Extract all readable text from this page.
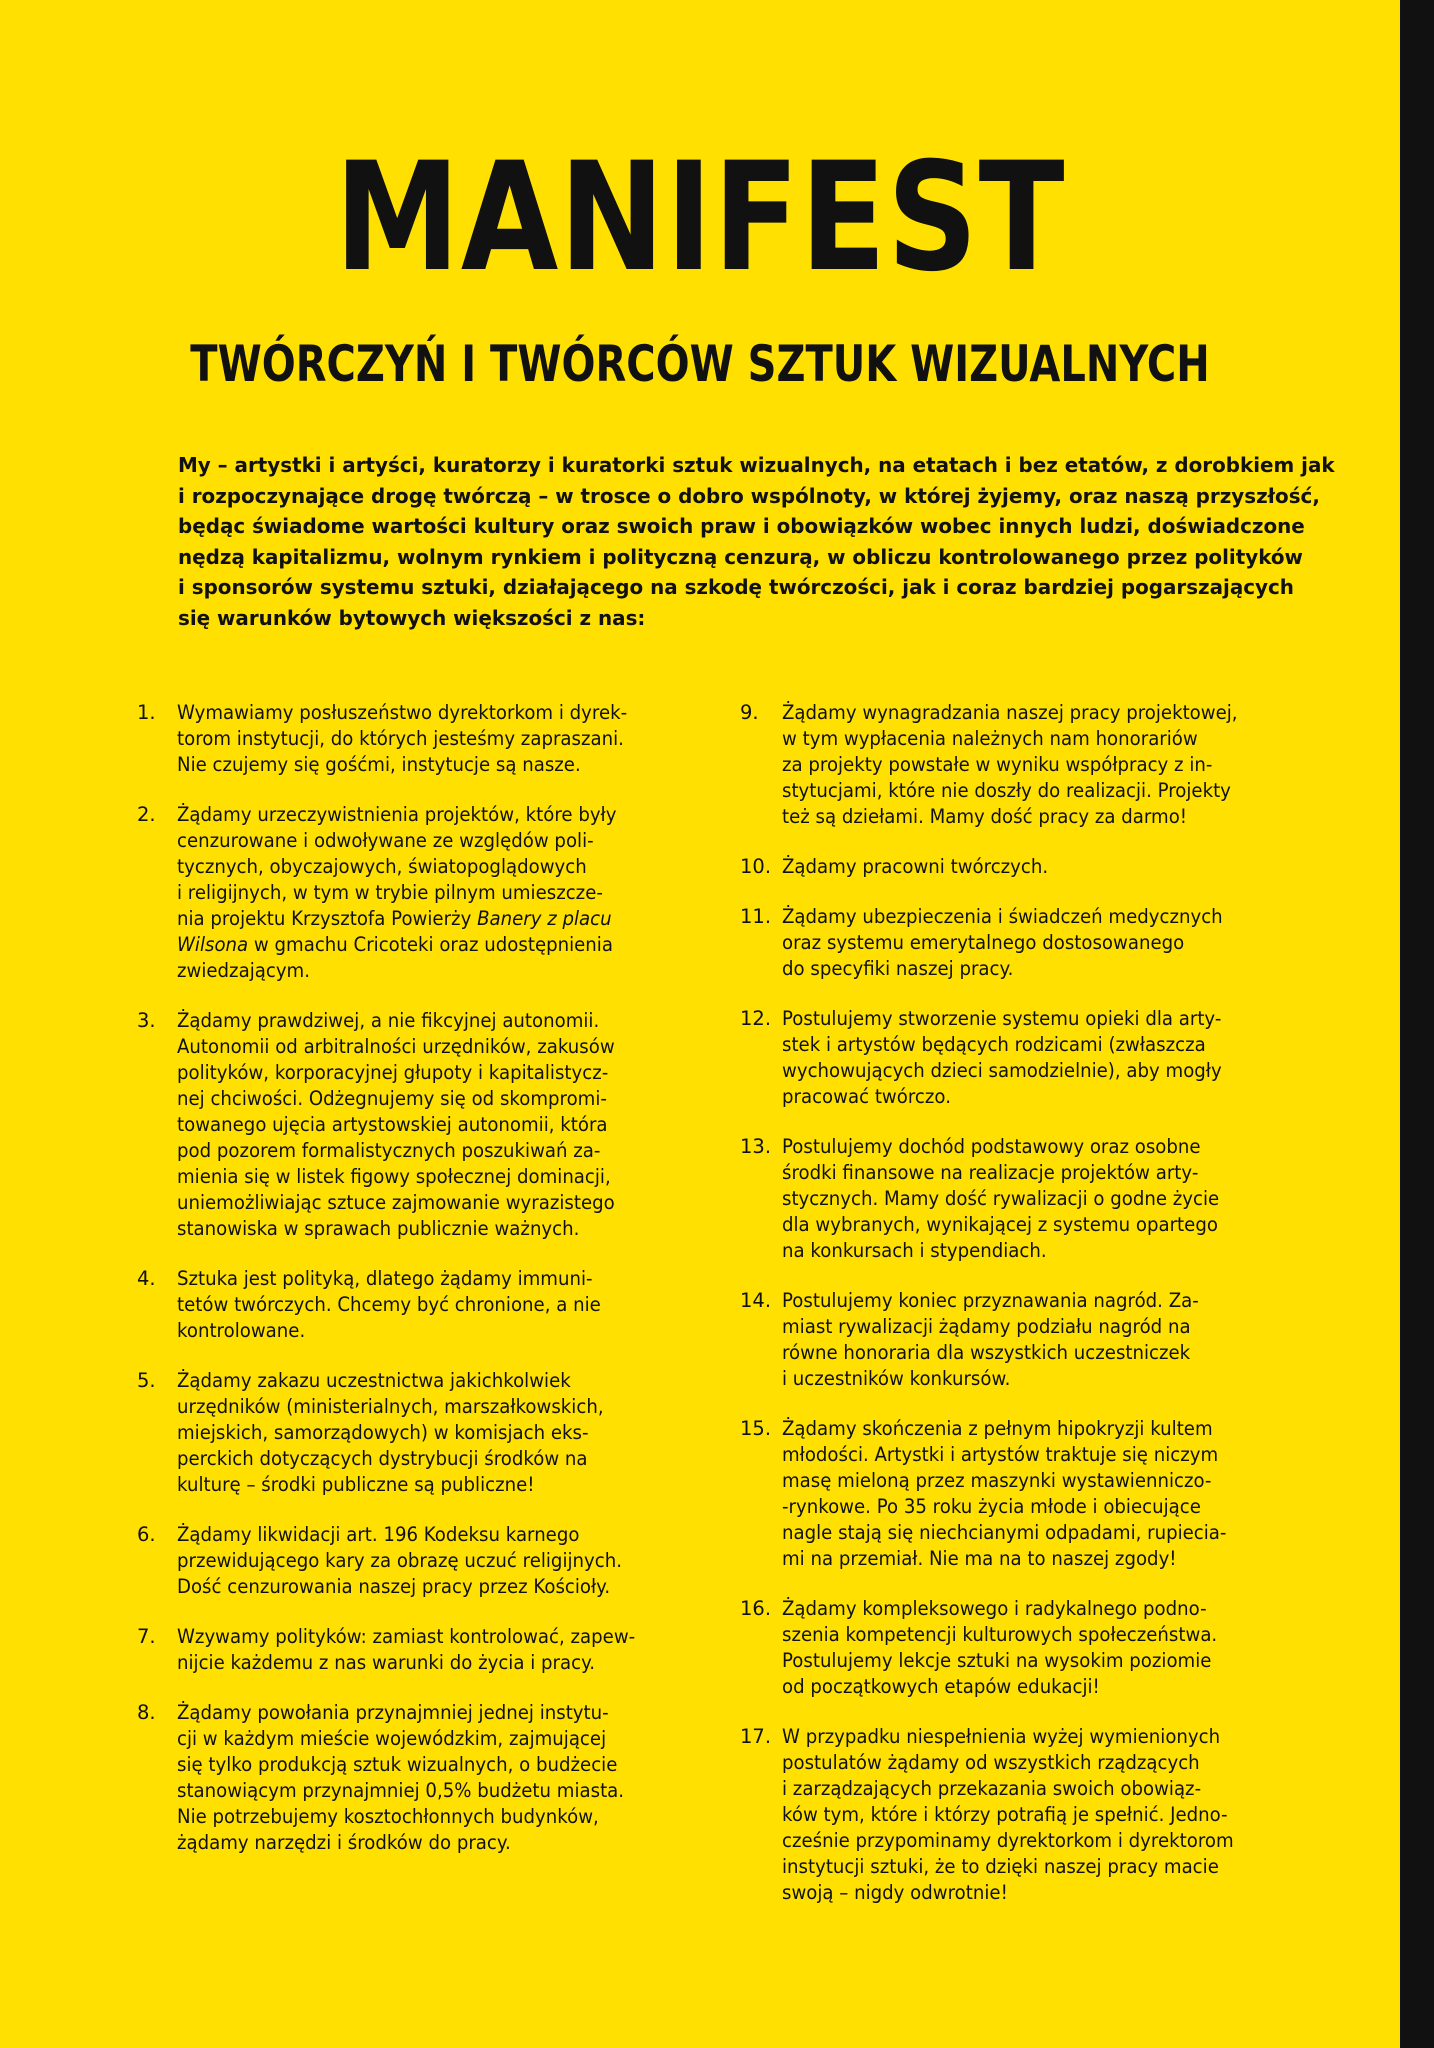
MANIFEST
TWÓRCZYŃ I TWÓRCÓW SZTUK WIZUALNYCH
My – artystki i artyści, kuratorzy i kuratorki sztuk wizualnych, na etatach i bez etatów, z dorobkiem jak
i rozpoczynające drogę twórczą – w trosce o dobro wspólnoty, w której żyjemy, oraz naszą przyszłość,
będąc świadome wartości kultury oraz swoich praw i obowiązków wobec innych ludzi, doświadczone
nędzą kapitalizmu, wolnym rynkiem i polityczną cenzurą, w obliczu kontrolowanego przez polityków
i sponsorów systemu sztuki, działającego na szkodę twórczości, jak i coraz bardziej pogarszających
się warunków bytowych większości z nas:
1. Wymawiamy posłuszeństwo dyrektorkom i dyrek-
torom instytucji, do których jesteśmy zapraszani.
Nie czujemy się gośćmi, instytucje są nasze.
2. Żądamy urzeczywistnienia projektów, które były
cenzurowane i odwoływane ze względów poli-
tycznych, obyczajowych, światopoglądowych
i religijnych, w tym w trybie pilnym umieszcze-
nia projektu Krzysztofa Powierży Banery z placu
Wilsona w gmachu Cricoteki oraz udostępnienia
zwiedzającym.
3. Żądamy prawdziwej, a nie fikcyjnej autonomii.
Autonomii od arbitralności urzędników, zakusów
polityków, korporacyjnej głupoty i kapitalistycz-
nej chciwości. Odżegnujemy się od skompromi-
towanego ujęcia artystowskiej autonomii, która
pod pozorem formalistycznych poszukiwań za-
mienia się w listek figowy społecznej dominacji,
uniemożliwiając sztuce zajmowanie wyrazistego
stanowiska w sprawach publicznie ważnych.
4. Sztuka jest polityką, dlatego żądamy immuni-
tetów twórczych. Chcemy być chronione, a nie
kontrolowane.
5. Żądamy zakazu uczestnictwa jakichkolwiek
urzędników (ministerialnych, marszałkowskich,
miejskich, samorządowych) w komisjach eks-
perckich dotyczących dystrybucji środków na
kulturę – środki publiczne są publiczne!
6. Żądamy likwidacji art. 196 Kodeksu karnego
przewidującego kary za obrazę uczuć religijnych.
Dość cenzurowania naszej pracy przez Kościoły.
7. Wzywamy polityków: zamiast kontrolować, zapew-
nijcie każdemu z nas warunki do życia i pracy.
8. Żądamy powołania przynajmniej jednej instytu-
cji w każdym mieście wojewódzkim, zajmującej
się tylko produkcją sztuk wizualnych, o budżecie
stanowiącym przynajmniej 0,5% budżetu miasta.
Nie potrzebujemy kosztochłonnych budynków,
żądamy narzędzi i środków do pracy.
9. Żądamy wynagradzania naszej pracy projektowej,
w tym wypłacenia należnych nam honorariów
za projekty powstałe w wyniku współpracy z in-
stytucjami, które nie doszły do realizacji. Projekty
też są dziełami. Mamy dość pracy za darmo!
10. Żądamy pracowni twórczych.
11. Żądamy ubezpieczenia i świadczeń medycznych
oraz systemu emerytalnego dostosowanego
do specyfiki naszej pracy.
12. Postulujemy stworzenie systemu opieki dla arty-
stek i artystów będących rodzicami (zwłaszcza
wychowujących dzieci samodzielnie), aby mogły
pracować twórczo.
13. Postulujemy dochód podstawowy oraz osobne
środki finansowe na realizacje projektów arty-
stycznych. Mamy dość rywalizacji o godne życie
dla wybranych, wynikającej z systemu opartego
na konkursach i stypendiach.
14. Postulujemy koniec przyznawania nagród. Za-
miast rywalizacji żądamy podziału nagród na
równe honoraria dla wszystkich uczestniczek
i uczestników konkursów.
15. Żądamy skończenia z pełnym hipokryzji kultem
młodości. Artystki i artystów traktuje się niczym
masę mieloną przez maszynki wystawienniczo-
-rynkowe. Po 35 roku życia młode i obiecujące
nagle stają się niechcianymi odpadami, rupiecia-
mi na przemiał. Nie ma na to naszej zgody!
16. Żądamy kompleksowego i radykalnego podno-
szenia kompetencji kulturowych społeczeństwa.
Postulujemy lekcje sztuki na wysokim poziomie
od początkowych etapów edukacji!
17. W przypadku niespełnienia wyżej wymienionych
postulatów żądamy od wszystkich rządzących
i zarządzających przekazania swoich obowiąz-
ków tym, które i którzy potrafią je spełnić. Jedno-
cześnie przypominamy dyrektorkom i dyrektorom
instytucji sztuki, że to dzięki naszej pracy macie
swoją – nigdy odwrotnie!
